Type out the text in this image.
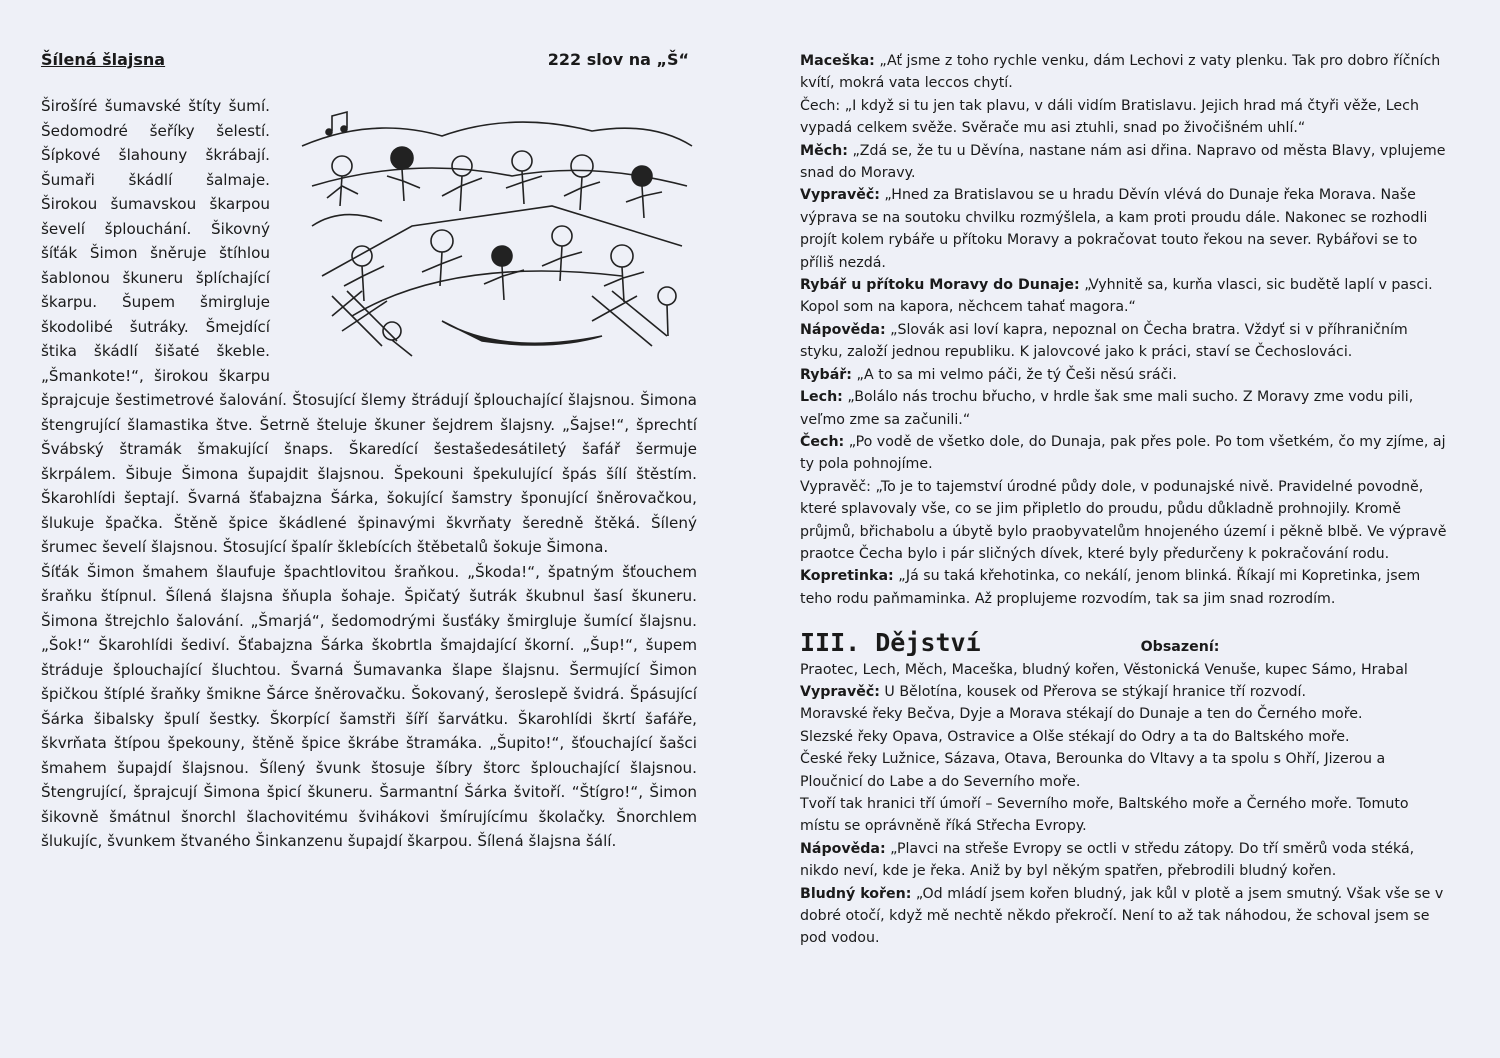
Šílená šlajsna	222 slov na „Š“

Širošíré šumavské štíty šumí. Šedomodré šeříky šelestí. Šípkové šlahouny škrábají. Šumaři škádlí šalmaje. Širokou šumavskou škarpou ševelí šplouchání. Šikovný šíťák Šimon šněruje štíhlou šablonou škuneru šplíchající škarpu. Šupem šmirgluje škodolibé šutráky. Šmejdící štika škádlí šišaté škeble. „Šmankote!“, širokou škarpu šprajcuje šestimetrové šalování. Štosující šlemy štrádují šplouchající šlajsnou. Šimona štengrující šlamastika štve. Šetrně šteluje škuner šejdrem šlajsny. „Šajse!“, šprechtí Švábský štramák šmakující šnaps. Škaredící šestašedesátiletý šafář šermuje škrpálem. Šibuje Šimona šupajdit šlajsnou. Špekouni špekulující špás šílí štěstím. Škarohlídi šeptají. Švarná šťabajzna Šárka, šokující šamstry šponující šněrovačkou, šlukuje špačka. Štěně špice škádlené špinavými škvrňaty šeredně štěká. Šílený šrumec ševelí šlajsnou. Štosující špalír šklebících štěbetalů šokuje Šimona.

Šíťák Šimon šmahem šlaufuje špachtlovitou šraňkou. „Škoda!“, špatným šťouchem šraňku štípnul. Šílená šlajsna šňupla šohaje. Špičatý šutrák škubnul šasí škuneru. Šimona štrejchlo šalování. „Šmarjá“, šedomodrými šusťáky šmirgluje šumící šlajsnu. „Šok!“ Škarohlídi šediví. Šťabajzna Šárka škobrtla šmajdající škorní. „Šup!“, šupem štráduje šplouchající šluchtou. Švarná Šumavanka šlape šlajsnu. Šermující Šimon špičkou štíplé šraňky šmikne Šárce šněrovačku. Šokovaný, šeroslepě švidrá. Špásující Šárka šibalsky špulí šestky. Škorpící šamstři šíří šarvátku. Škarohlídi škrtí šafáře, škvrňata štípou špekouny, štěně špice škrábe štramáka. „Šupito!“, šťouchající šašci šmahem šupajdí šlajsnou. Šílený švunk štosuje šíbry štorc šplouchající šlajsnou. Štengrující, šprajcují Šimona špicí škuneru. Šarmantní Šárka švitoří. “Štígro!“, Šimon šikovně šmátnul šnorchl šlachovitému švihákovi šmírujícímu školačky. Šnorchlem šlukujíc, švunkem štvaného Šinkanzenu šupajdí škarpou. Šílená šlajsna šálí.

Maceška: „Ať jsme z toho rychle venku, dám Lechovi z vaty plenku. Tak pro dobro říčních kvítí, mokrá vata leccos chytí.

Čech: „I když si tu jen tak plavu, v dáli vidím Bratislavu. Jejich hrad má čtyři věže, Lech vypadá celkem svěže. Svěrače mu asi ztuhli, snad po živočišném uhlí.“

Měch: „Zdá se, že tu u Děvína, nastane nám asi dřina. Napravo od města Blavy, vplujeme snad do Moravy.

Vypravěč: „Hned za Bratislavou se u hradu Děvín vlévá do Dunaje řeka Morava. Naše výprava se na soutoku chvilku rozmýšlela, a kam proti proudu dále. Nakonec se rozhodli projít kolem rybáře u přítoku Moravy a pokračovat touto řekou na sever. Rybářovi se to příliš nezdá.

Rybář u přítoku Moravy do Dunaje: „Vyhnitě sa, kurňa vlasci, sic budětě laplí v pasci. Kopol som na kapora, něchcem tahať magora.“

Nápověda: „Slovák asi loví kapra, nepoznal on Čecha bratra. Vždyť si v příhraničním styku, založí jednou republiku. K jalovcové jako k práci, staví se Čechoslováci.

Rybář: „A to sa mi velmo páči, že tý Češi něsú sráči.

Lech: „Bolálo nás trochu břucho, v hrdle šak sme mali sucho. Z Moravy zme vodu pili, veľmo zme sa začunili.“

Čech: „Po vodě de všetko dole, do Dunaja, pak přes pole. Po tom všetkém, čo my zjíme, aj ty pola pohnojíme.

Vypravěč: „To je to tajemství úrodné půdy dole, v podunajské nivě. Pravidelné povodně, které splavovaly vše, co se jim připletlo do proudu, půdu důkladně prohnojily. Kromě průjmů, břichabolu a úbytě bylo praobyvatelům hnojeného území i pěkně blbě. Ve výpravě praotce Čecha bylo i pár sličných dívek, které byly předurčeny k pokračování rodu.

Kopretinka: „Já su taká křehotinka, co nekálí, jenom blinká. Říkají mi Kopretinka, jsem teho rodu paňmaminka. Až proplujeme rozvodím, tak sa jim snad rozrodím.

III. Dějství	Obsazení:

Praotec, Lech, Měch, Maceška, bludný kořen, Věstonická Venuše, kupec Sámo, Hrabal

Vypravěč: U Bělotína, kousek od Přerova se stýkají hranice tří rozvodí.

Moravské řeky Bečva, Dyje a Morava stékají do Dunaje a ten do Černého moře.

Slezské řeky Opava, Ostravice a Olše stékají do Odry a ta do Baltského moře.

České řeky Lužnice, Sázava, Otava, Berounka do Vltavy a ta spolu s Ohří, Jizerou a Ploučnicí do Labe a do Severního moře.

Tvoří tak hranici tří úmoří – Severního moře, Baltského moře a Černého moře. Tomuto místu se oprávněně říká Střecha Evropy.

Nápověda: „Plavci na střeše Evropy se octli v středu zátopy. Do tří směrů voda stéká, nikdo neví, kde je řeka. Aniž by byl někým spatřen, přebrodili bludný kořen.

Bludný kořen: „Od mládí jsem kořen bludný, jak kůl v plotě a jsem smutný. Však vše se v dobré otočí, když mě nechtě někdo překročí. Není to až tak náhodou, že schoval jsem se pod vodou.
